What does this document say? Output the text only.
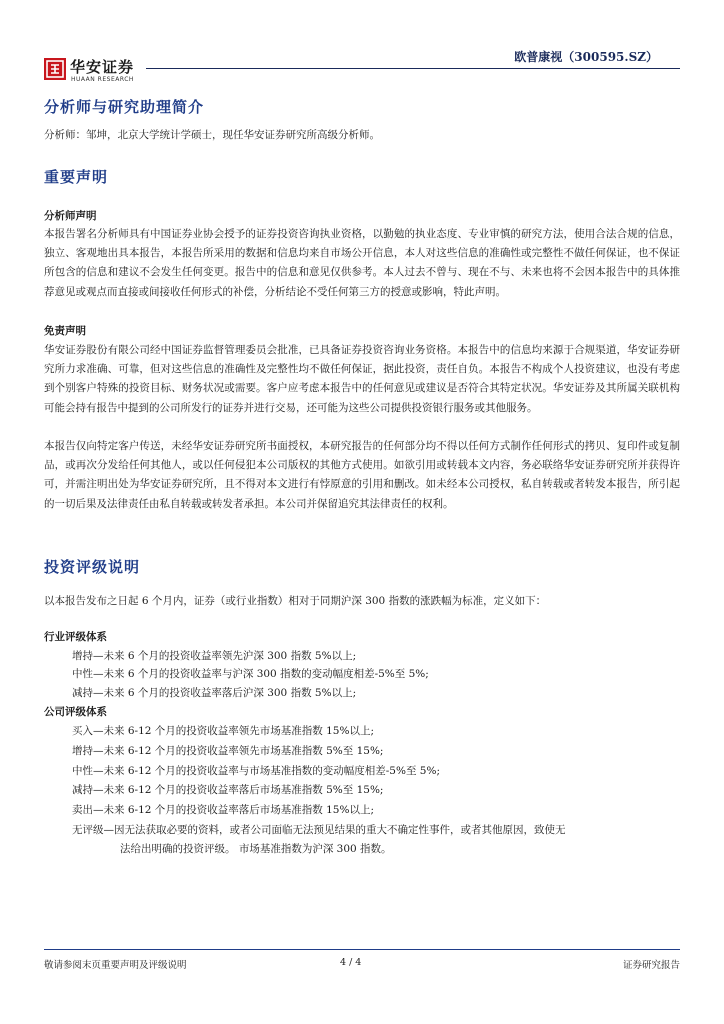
华安证券
HUAAN RESEARCH
欧普康视（300595.SZ）
分析师与研究助理简介

分析师：邹坤，北京大学统计学硕士，现任华安证券研究所高级分析师。

重要声明
分析师声明

本报告署名分析师具有中国证券业协会授予的证券投资咨询执业资格，以勤勉的执业态度、专业审慎的研究方法，使用合法合规的信息，独立、客观地出具本报告，本报告所采用的数据和信息均来自市场公开信息，本人对这些信息的准确性或完整性不做任何保证，也不保证所包含的信息和建议不会发生任何变更。报告中的信息和意见仅供参考。本人过去不曾与、现在不与、未来也将不会因本报告中的具体推荐意见或观点而直接或间接收任何形式的补偿，分析结论不受任何第三方的授意或影响，特此声明。

免责声明

华安证券股份有限公司经中国证券监督管理委员会批准，已具备证券投资咨询业务资格。本报告中的信息均来源于合规渠道，华安证券研究所力求准确、可靠，但对这些信息的准确性及完整性均不做任何保证，据此投资，责任自负。本报告不构成个人投资建议，也没有考虑到个别客户特殊的投资目标、财务状况或需要。客户应考虑本报告中的任何意见或建议是否符合其特定状况。华安证券及其所属关联机构可能会持有报告中提到的公司所发行的证券并进行交易，还可能为这些公司提供投资银行服务或其他服务。

本报告仅向特定客户传送，未经华安证券研究所书面授权，本研究报告的任何部分均不得以任何方式制作任何形式的拷贝、复印件或复制品，或再次分发给任何其他人，或以任何侵犯本公司版权的其他方式使用。如欲引用或转载本文内容，务必联络华安证券研究所并获得许可，并需注明出处为华安证券研究所，且不得对本文进行有悖原意的引用和删改。如未经本公司授权，私自转载或者转发本报告，所引起的一切后果及法律责任由私自转载或转发者承担。本公司并保留追究其法律责任的权利。

投资评级说明

以本报告发布之日起 6 个月内，证券（或行业指数）相对于同期沪深 300 指数的涨跌幅为标准，定义如下：

行业评级体系
增持—未来 6 个月的投资收益率领先沪深 300 指数 5%以上;
中性—未来 6 个月的投资收益率与沪深 300 指数的变动幅度相差-5%至 5%;
减持—未来 6 个月的投资收益率落后沪深 300 指数 5%以上;
公司评级体系
买入—未来 6-12 个月的投资收益率领先市场基准指数 15%以上;
增持—未来 6-12 个月的投资收益率领先市场基准指数 5%至 15%;
中性—未来 6-12 个月的投资收益率与市场基准指数的变动幅度相差-5%至 5%;
减持—未来 6-12 个月的投资收益率落后市场基准指数 5%至 15%;
卖出—未来 6-12 个月的投资收益率落后市场基准指数 15%以上;
无评级—因无法获取必要的资料，或者公司面临无法预见结果的重大不确定性事件，或者其他原因，致使无
法给出明确的投资评级。 市场基准指数为沪深 300 指数。
敬请参阅末页重要声明及评级说明	4 / 4	证券研究报告
